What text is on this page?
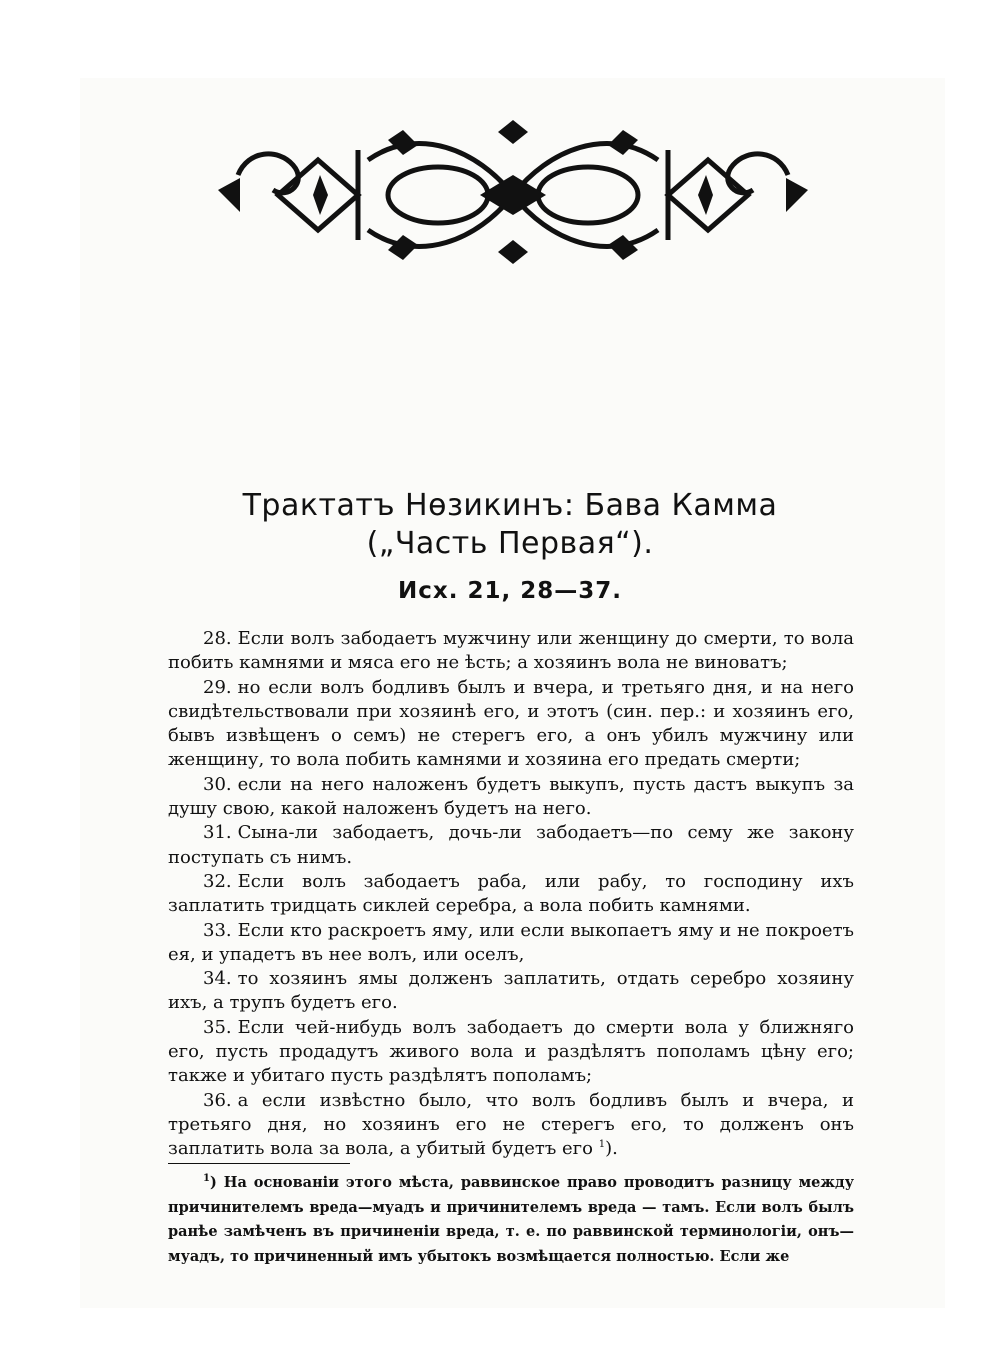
Трактатъ Нөзикинъ: Бава Камма
(„Часть Первая“).
Исх. 21, 28—37.

28. Если волъ забодаетъ мужчину или женщину до смерти, то вола побить камнями и мяса его не ѣсть; а хозяинъ вола не виноватъ;

29. но если волъ бодливъ былъ и вчера, и третьяго дня, и на него свидѣтельствовали при хозяинѣ его, и этотъ (син. пер.: и хозяинъ его, бывъ извѣщенъ о семъ) не стерегъ его, а онъ убилъ мужчину или женщину, то вола побить камнями и хозяина его предать смерти;

30. если на него наложенъ будетъ выкупъ, пусть дастъ выкупъ за душу свою, какой наложенъ будетъ на него.

31. Сына-ли забодаетъ, дочь-ли забодаетъ—по сему же закону поступать съ нимъ.

32. Если волъ забодаетъ раба, или рабу, то господину ихъ заплатить тридцать сиклей серебра, а вола побить камнями.

33. Если кто раскроетъ яму, или если выкопаетъ яму и не покроетъ ея, и упадетъ въ нее волъ, или оселъ,

34. то хозяинъ ямы долженъ заплатить, отдать серебро хозяину ихъ, а трупъ будетъ его.

35. Если чей-нибудь волъ забодаетъ до смерти вола у ближняго его, пусть продадутъ живого вола и раздѣлятъ пополамъ цѣну его; также и убитаго пусть раздѣлятъ пополамъ;

36. а если извѣстно было, что волъ бодливъ былъ и вчера, и третьяго дня, но хозяинъ его не стерегъ его, то долженъ онъ заплатить вола за вола, а убитый будетъ его $^1$).

$^1$) На основаніи этого мѣста, раввинское право проводитъ разницу между причинителемъ вреда—муадъ и причинителемъ вреда — тамъ. Если волъ былъ ранѣе замѣченъ въ причиненіи вреда, т. е. по раввинской терминологіи, онъ—муадъ, то причиненный имъ убытокъ возмѣщается полностью. Если же
